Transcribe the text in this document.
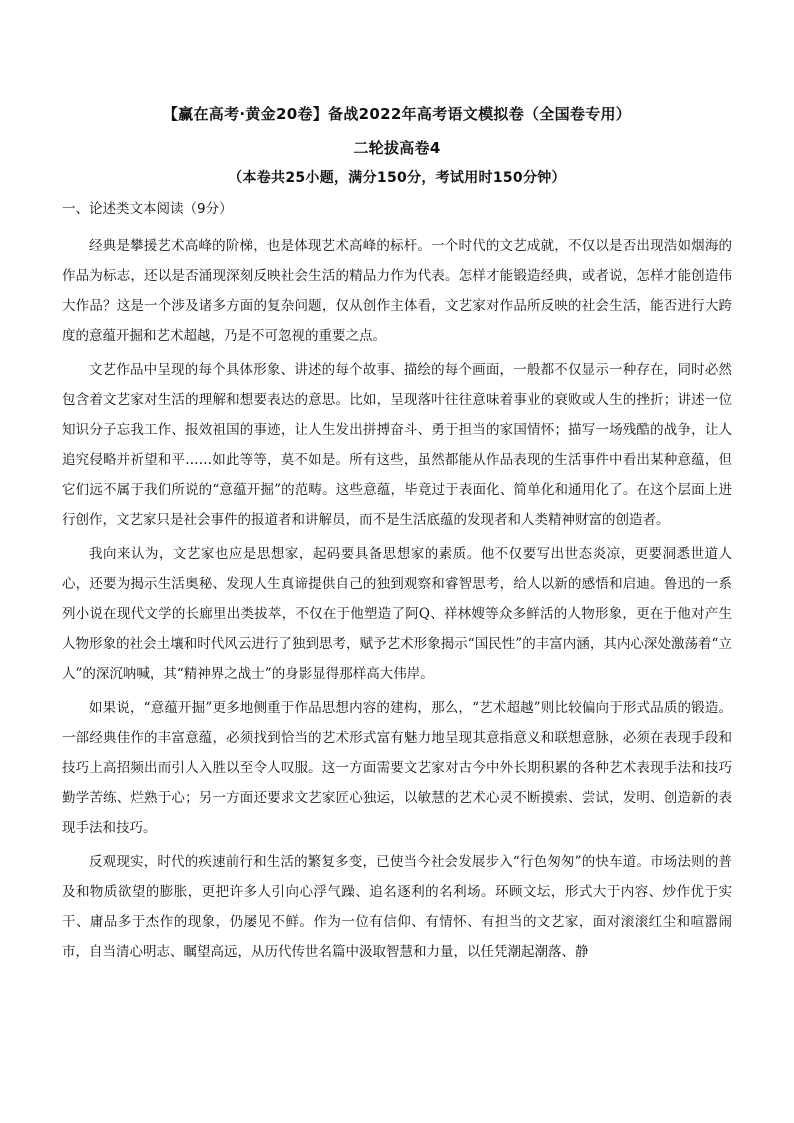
【赢在高考·黄金20卷】备战2022年高考语文模拟卷（全国卷专用）
二轮拔高卷4
（本卷共25小题，满分150分，考试用时150分钟）
一、论述类文本阅读（9分）

经典是攀援艺术高峰的阶梯，也是体现艺术高峰的标杆。一个时代的文艺成就，不仅以是否出现浩如烟海的作品为标志，还以是否涌现深刻反映社会生活的精品力作为代表。怎样才能锻造经典，或者说，怎样才能创造伟大作品？这是一个涉及诸多方面的复杂问题，仅从创作主体看，文艺家对作品所反映的社会生活，能否进行大跨度的意蕴开掘和艺术超越，乃是不可忽视的重要之点。

文艺作品中呈现的每个具体形象、讲述的每个故事、描绘的每个画面，一般都不仅显示一种存在，同时必然包含着文艺家对生活的理解和想要表达的意思。比如，呈现落叶往往意味着事业的衰败或人生的挫折；讲述一位知识分子忘我工作、报效祖国的事迹，让人生发出拼搏奋斗、勇于担当的家国情怀；描写一场残酷的战争，让人追究侵略并祈望和平……如此等等，莫不如是。所有这些，虽然都能从作品表现的生活事件中看出某种意蕴，但它们远不属于我们所说的“意蕴开掘”的范畴。这些意蕴，毕竟过于表面化、简单化和通用化了。在这个层面上进行创作，文艺家只是社会事件的报道者和讲解员，而不是生活底蕴的发现者和人类精神财富的创造者。

我向来认为，文艺家也应是思想家，起码要具备思想家的素质。他不仅要写出世态炎凉，更要洞悉世道人心，还要为揭示生活奥秘、发现人生真谛提供自己的独到观察和睿智思考，给人以新的感悟和启迪。鲁迅的一系列小说在现代文学的长廊里出类拔萃，不仅在于他塑造了阿Q、祥林嫂等众多鲜活的人物形象，更在于他对产生人物形象的社会土壤和时代风云进行了独到思考，赋予艺术形象揭示“国民性”的丰富内涵，其内心深处激荡着“立人”的深沉呐喊，其“精神界之战士”的身影显得那样高大伟岸。

如果说，“意蕴开掘”更多地侧重于作品思想内容的建构，那么，“艺术超越”则比较偏向于形式品质的锻造。一部经典佳作的丰富意蕴，必须找到恰当的艺术形式富有魅力地呈现其意指意义和联想意脉，必须在表现手段和技巧上高招频出而引人入胜以至令人叹服。这一方面需要文艺家对古今中外长期积累的各种艺术表现手法和技巧勤学苦练、烂熟于心；另一方面还要求文艺家匠心独运，以敏慧的艺术心灵不断摸索、尝试，发明、创造新的表现手法和技巧。

反观现实，时代的疾速前行和生活的繁复多变，已使当今社会发展步入“行色匆匆”的快车道。市场法则的普及和物质欲望的膨胀，更把许多人引向心浮气躁、追名逐利的名利场。环顾文坛，形式大于内容、炒作优于实干、庸品多于杰作的现象，仍屡见不鲜。作为一位有信仰、有情怀、有担当的文艺家，面对滚滚红尘和喧嚣闹市，自当清心明志、瞩望高远，从历代传世名篇中汲取智慧和力量，以任凭潮起潮落、静
